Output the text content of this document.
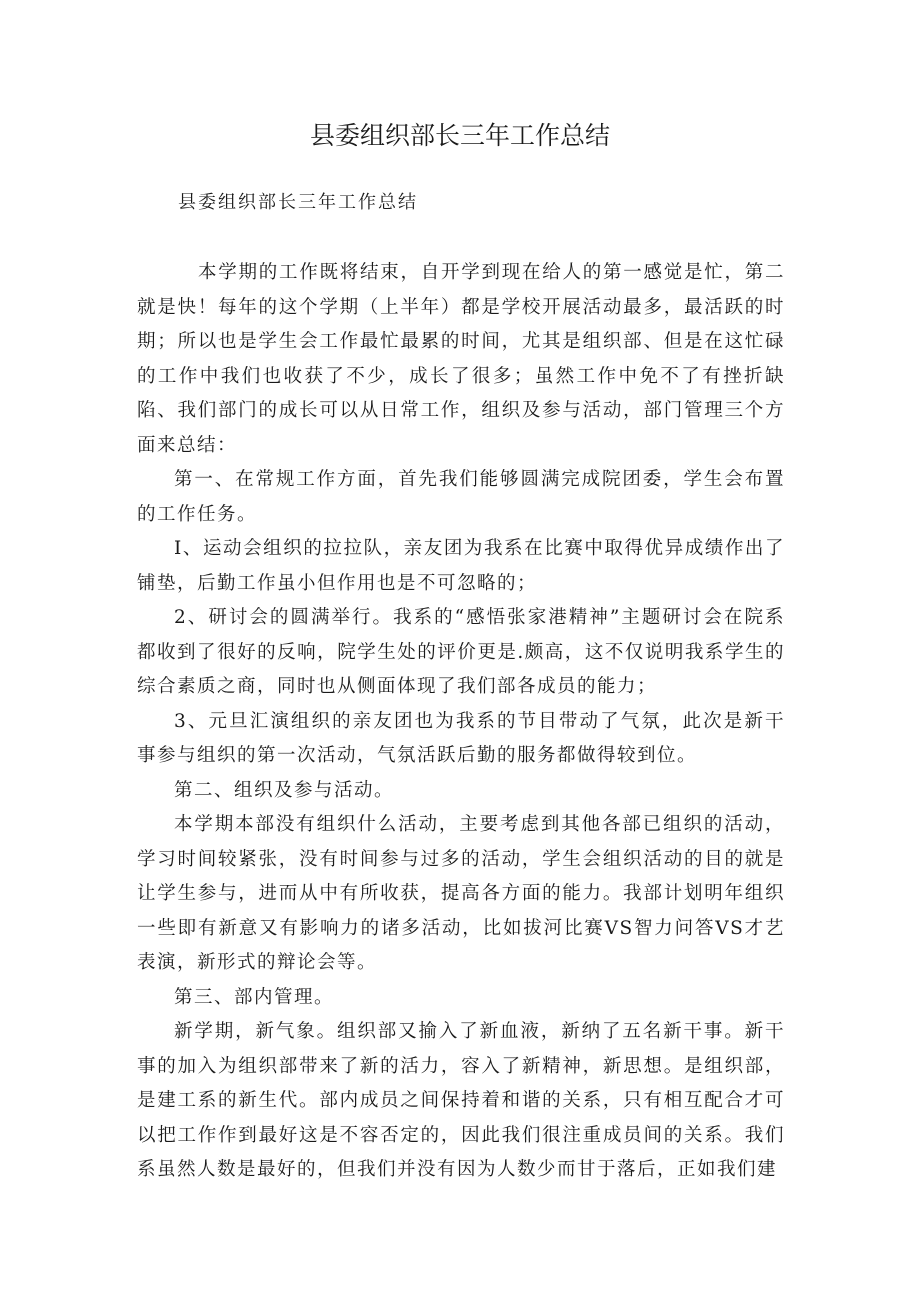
县委组织部长三年工作总结

县委组织部长三年工作总结

本学期的工作既将结束，自开学到现在给人的第一感觉是忙，第二就是快！每年的这个学期（上半年）都是学校开展活动最多，最活跃的时期；所以也是学生会工作最忙最累的时间，尤其是组织部、但是在这忙碌的工作中我们也收获了不少，成长了很多；虽然工作中免不了有挫折缺陷、我们部门的成长可以从日常工作，组织及参与活动，部门管理三个方面来总结：

第一、在常规工作方面，首先我们能够圆满完成院团委，学生会布置的工作任务。

I、运动会组织的拉拉队，亲友团为我系在比赛中取得优异成绩作出了铺垫，后勤工作虽小但作用也是不可忽略的；

2、研讨会的圆满举行。我系的“感悟张家港精神”主题研讨会在院系都收到了很好的反响，院学生处的评价更是.颇高，这不仅说明我系学生的综合素质之商，同时也从侧面体现了我们部各成员的能力；

3、元旦汇演组织的亲友团也为我系的节目带动了气氛，此次是新干事参与组织的第一次活动，气氛活跃后勤的服务都做得较到位。

第二、组织及参与活动。

本学期本部没有组织什么活动，主要考虑到其他各部已组织的活动，学习时间较紧张，没有时间参与过多的活动，学生会组织活动的目的就是让学生参与，进而从中有所收获，提高各方面的能力。我部计划明年组织一些即有新意又有影响力的诸多活动，比如拔河比赛VS智力问答VS才艺表演，新形式的辩论会等。

第三、部内管理。

新学期，新气象。组织部又揄入了新血液，新纳了五名新干事。新干事的加入为组织部带来了新的活力，容入了新精神，新思想。是组织部，是建工系的新生代。部内成员之间保持着和谐的关系，只有相互配合才可以把工作作到最好这是不容否定的，因此我们很注重成员间的关系。我们系虽然人数是最好的，但我们并没有因为人数少而甘于落后，正如我们建
